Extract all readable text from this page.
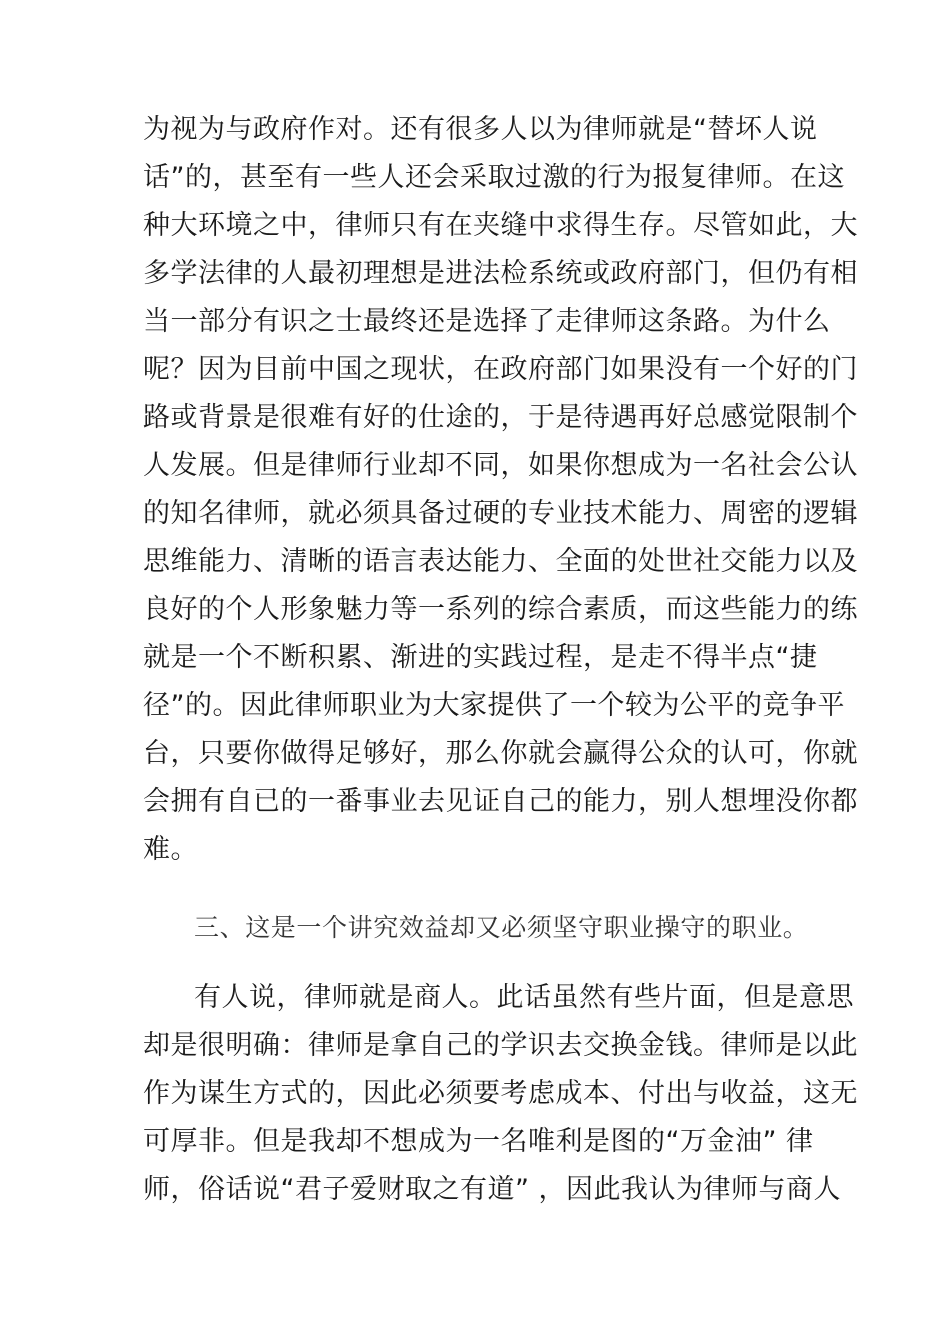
为视为与政府作对。还有很多人以为律师就是“替坏人说
话”的，甚至有一些人还会采取过激的行为报复律师。在这
种大环境之中，律师只有在夹缝中求得生存。尽管如此，大
多学法律的人最初理想是进法检系统或政府部门，但仍有相
当一部分有识之士最终还是选择了走律师这条路。为什么
呢？因为目前中国之现状，在政府部门如果没有一个好的门
路或背景是很难有好的仕途的，于是待遇再好总感觉限制个
人发展。但是律师行业却不同，如果你想成为一名社会公认
的知名律师，就必须具备过硬的专业技术能力、周密的逻辑
思维能力、清晰的语言表达能力、全面的处世社交能力以及
良好的个人形象魅力等一系列的综合素质，而这些能力的练
就是一个不断积累、渐进的实践过程，是走不得半点“捷
径”的。因此律师职业为大家提供了一个较为公平的竞争平
台，只要你做得足够好，那么你就会赢得公众的认可，你就
会拥有自已的一番事业去见证自己的能力，别人想埋没你都
难。
三、这是一个讲究效益却又必须坚守职业操守的职业。
有人说，律师就是商人。此话虽然有些片面，但是意思
却是很明确：律师是拿自己的学识去交换金钱。律师是以此
作为谋生方式的，因此必须要考虑成本、付出与收益，这无
可厚非。但是我却不想成为一名唯利是图的“万金油” 律
师，俗话说“君子爱财取之有道” ，因此我认为律师与商人
